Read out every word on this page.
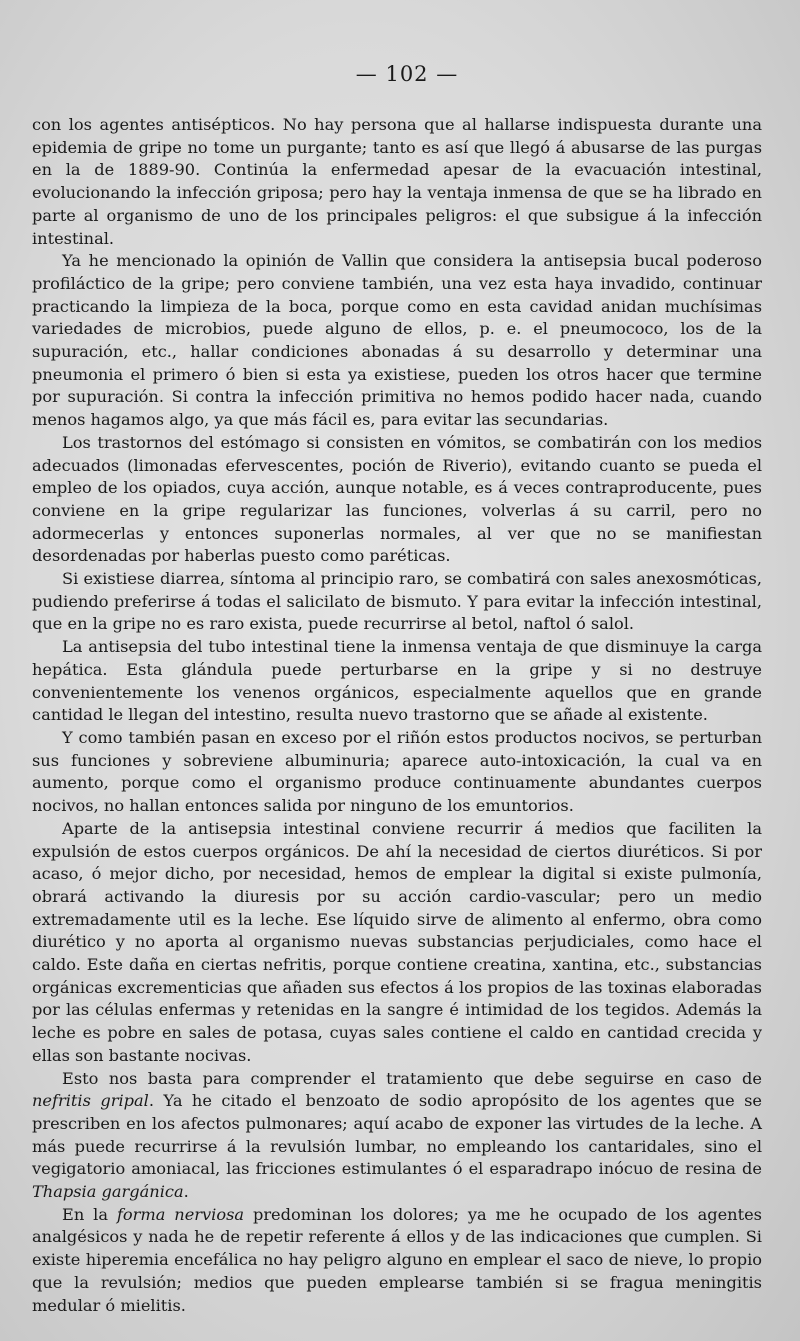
— 102 —

con los agentes antisépticos. No hay persona que al hallarse indispuesta durante una epidemia de gripe no tome un purgante; tanto es así que llegó á abusarse de las purgas en la de 1889-90. Continúa la enfermedad apesar de la evacuación intestinal, evolucionando la infección griposa; pero hay la ventaja inmensa de que se ha librado en parte al organismo de uno de los principales peligros: el que subsigue á la infección intestinal.

Ya he mencionado la opinión de Vallin que considera la antisepsia bucal poderoso profiláctico de la gripe; pero conviene también, una vez esta haya invadido, continuar practicando la limpieza de la boca, porque como en esta cavidad anidan muchísimas variedades de microbios, puede alguno de ellos, p. e. el pneumococo, los de la supuración, etc., hallar condiciones abonadas á su desarrollo y determinar una pneumonia el primero ó bien si esta ya existiese, pueden los otros hacer que termine por supuración. Si contra la infección primitiva no hemos podido hacer nada, cuando menos hagamos algo, ya que más fácil es, para evitar las secundarias.

Los trastornos del estómago si consisten en vómitos, se combatirán con los medios adecuados (limonadas efervescentes, poción de Riverio), evitando cuanto se pueda el empleo de los opiados, cuya acción, aunque notable, es á veces contraproducente, pues conviene en la gripe regularizar las funciones, volverlas á su carril, pero no adormecerlas y entonces suponerlas normales, al ver que no se manifiestan desordenadas por haberlas puesto como paréticas.

Si existiese diarrea, síntoma al principio raro, se combatirá con sales anexosmóticas, pudiendo preferirse á todas el salicilato de bismuto. Y para evitar la infección intestinal, que en la gripe no es raro exista, puede recurrirse al betol, naftol ó salol.

La antisepsia del tubo intestinal tiene la inmensa ventaja de que disminuye la carga hepática. Esta glándula puede perturbarse en la gripe y si no destruye convenientemente los venenos orgánicos, especialmente aquellos que en grande cantidad le llegan del intestino, resulta nuevo trastorno que se añade al existente.

Y como también pasan en exceso por el riñón estos productos nocivos, se perturban sus funciones y sobreviene albuminuria; aparece auto-intoxicación, la cual va en aumento, porque como el organismo produce continuamente abundantes cuerpos nocivos, no hallan entonces salida por ninguno de los emuntorios.

Aparte de la antisepsia intestinal conviene recurrir á medios que faciliten la expulsión de estos cuerpos orgánicos. De ahí la necesidad de ciertos diuréticos. Si por acaso, ó mejor dicho, por necesidad, hemos de emplear la digital si existe pulmonía, obrará activando la diuresis por su acción cardio-vascular; pero un medio extremadamente util es la leche. Ese líquido sirve de alimento al enfermo, obra como diurético y no aporta al organismo nuevas substancias perjudiciales, como hace el caldo. Este daña en ciertas nefritis, porque contiene creatina, xantina, etc., substancias orgánicas excrementicias que añaden sus efectos á los propios de las toxinas elaboradas por las células enfermas y retenidas en la sangre é intimidad de los tegidos. Además la leche es pobre en sales de potasa, cuyas sales contiene el caldo en cantidad crecida y ellas son bastante nocivas.

Esto nos basta para comprender el tratamiento que debe seguirse en caso de nefritis gripal. Ya he citado el benzoato de sodio apropósito de los agentes que se prescriben en los afectos pulmonares; aquí acabo de exponer las virtudes de la leche. A más puede recurrirse á la revulsión lumbar, no empleando los cantaridales, sino el vegigatorio amoniacal, las fricciones estimulantes ó el esparadrapo inócuo de resina de Thapsia gargánica.

En la forma nerviosa predominan los dolores; ya me he ocupado de los agentes analgésicos y nada he de repetir referente á ellos y de las indicaciones que cumplen. Si existe hiperemia encefálica no hay peligro alguno en emplear el saco de nieve, lo propio que la revulsión; medios que pueden emplearse también si se fragua meningitis medular ó mielitis.
